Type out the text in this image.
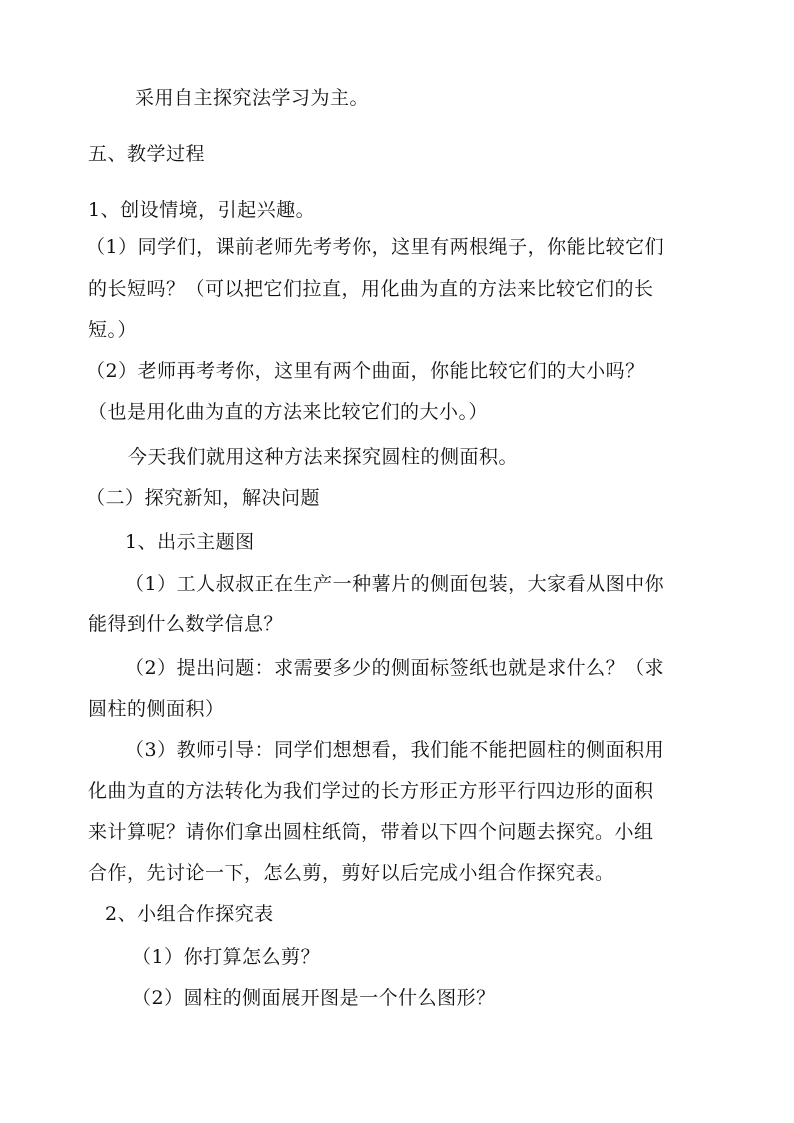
采用自主探究法学习为主。
五、教学过程
1、创设情境，引起兴趣。
（1）同学们，课前老师先考考你，这里有两根绳子，你能比较它们
的长短吗？（可以把它们拉直，用化曲为直的方法来比较它们的长
短。）
（2）老师再考考你，这里有两个曲面，你能比较它们的大小吗？
（也是用化曲为直的方法来比较它们的大小。）
今天我们就用这种方法来探究圆柱的侧面积。
（二）探究新知，解决问题
1、出示主题图
（1）工人叔叔正在生产一种薯片的侧面包装，大家看从图中你
能得到什么数学信息？
（2）提出问题：求需要多少的侧面标签纸也就是求什么？（求
圆柱的侧面积）
（3）教师引导：同学们想想看，我们能不能把圆柱的侧面积用
化曲为直的方法转化为我们学过的长方形正方形平行四边形的面积
来计算呢？请你们拿出圆柱纸筒，带着以下四个问题去探究。小组
合作，先讨论一下，怎么剪，剪好以后完成小组合作探究表。
2、小组合作探究表
（1）你打算怎么剪？
（2）圆柱的侧面展开图是一个什么图形？
